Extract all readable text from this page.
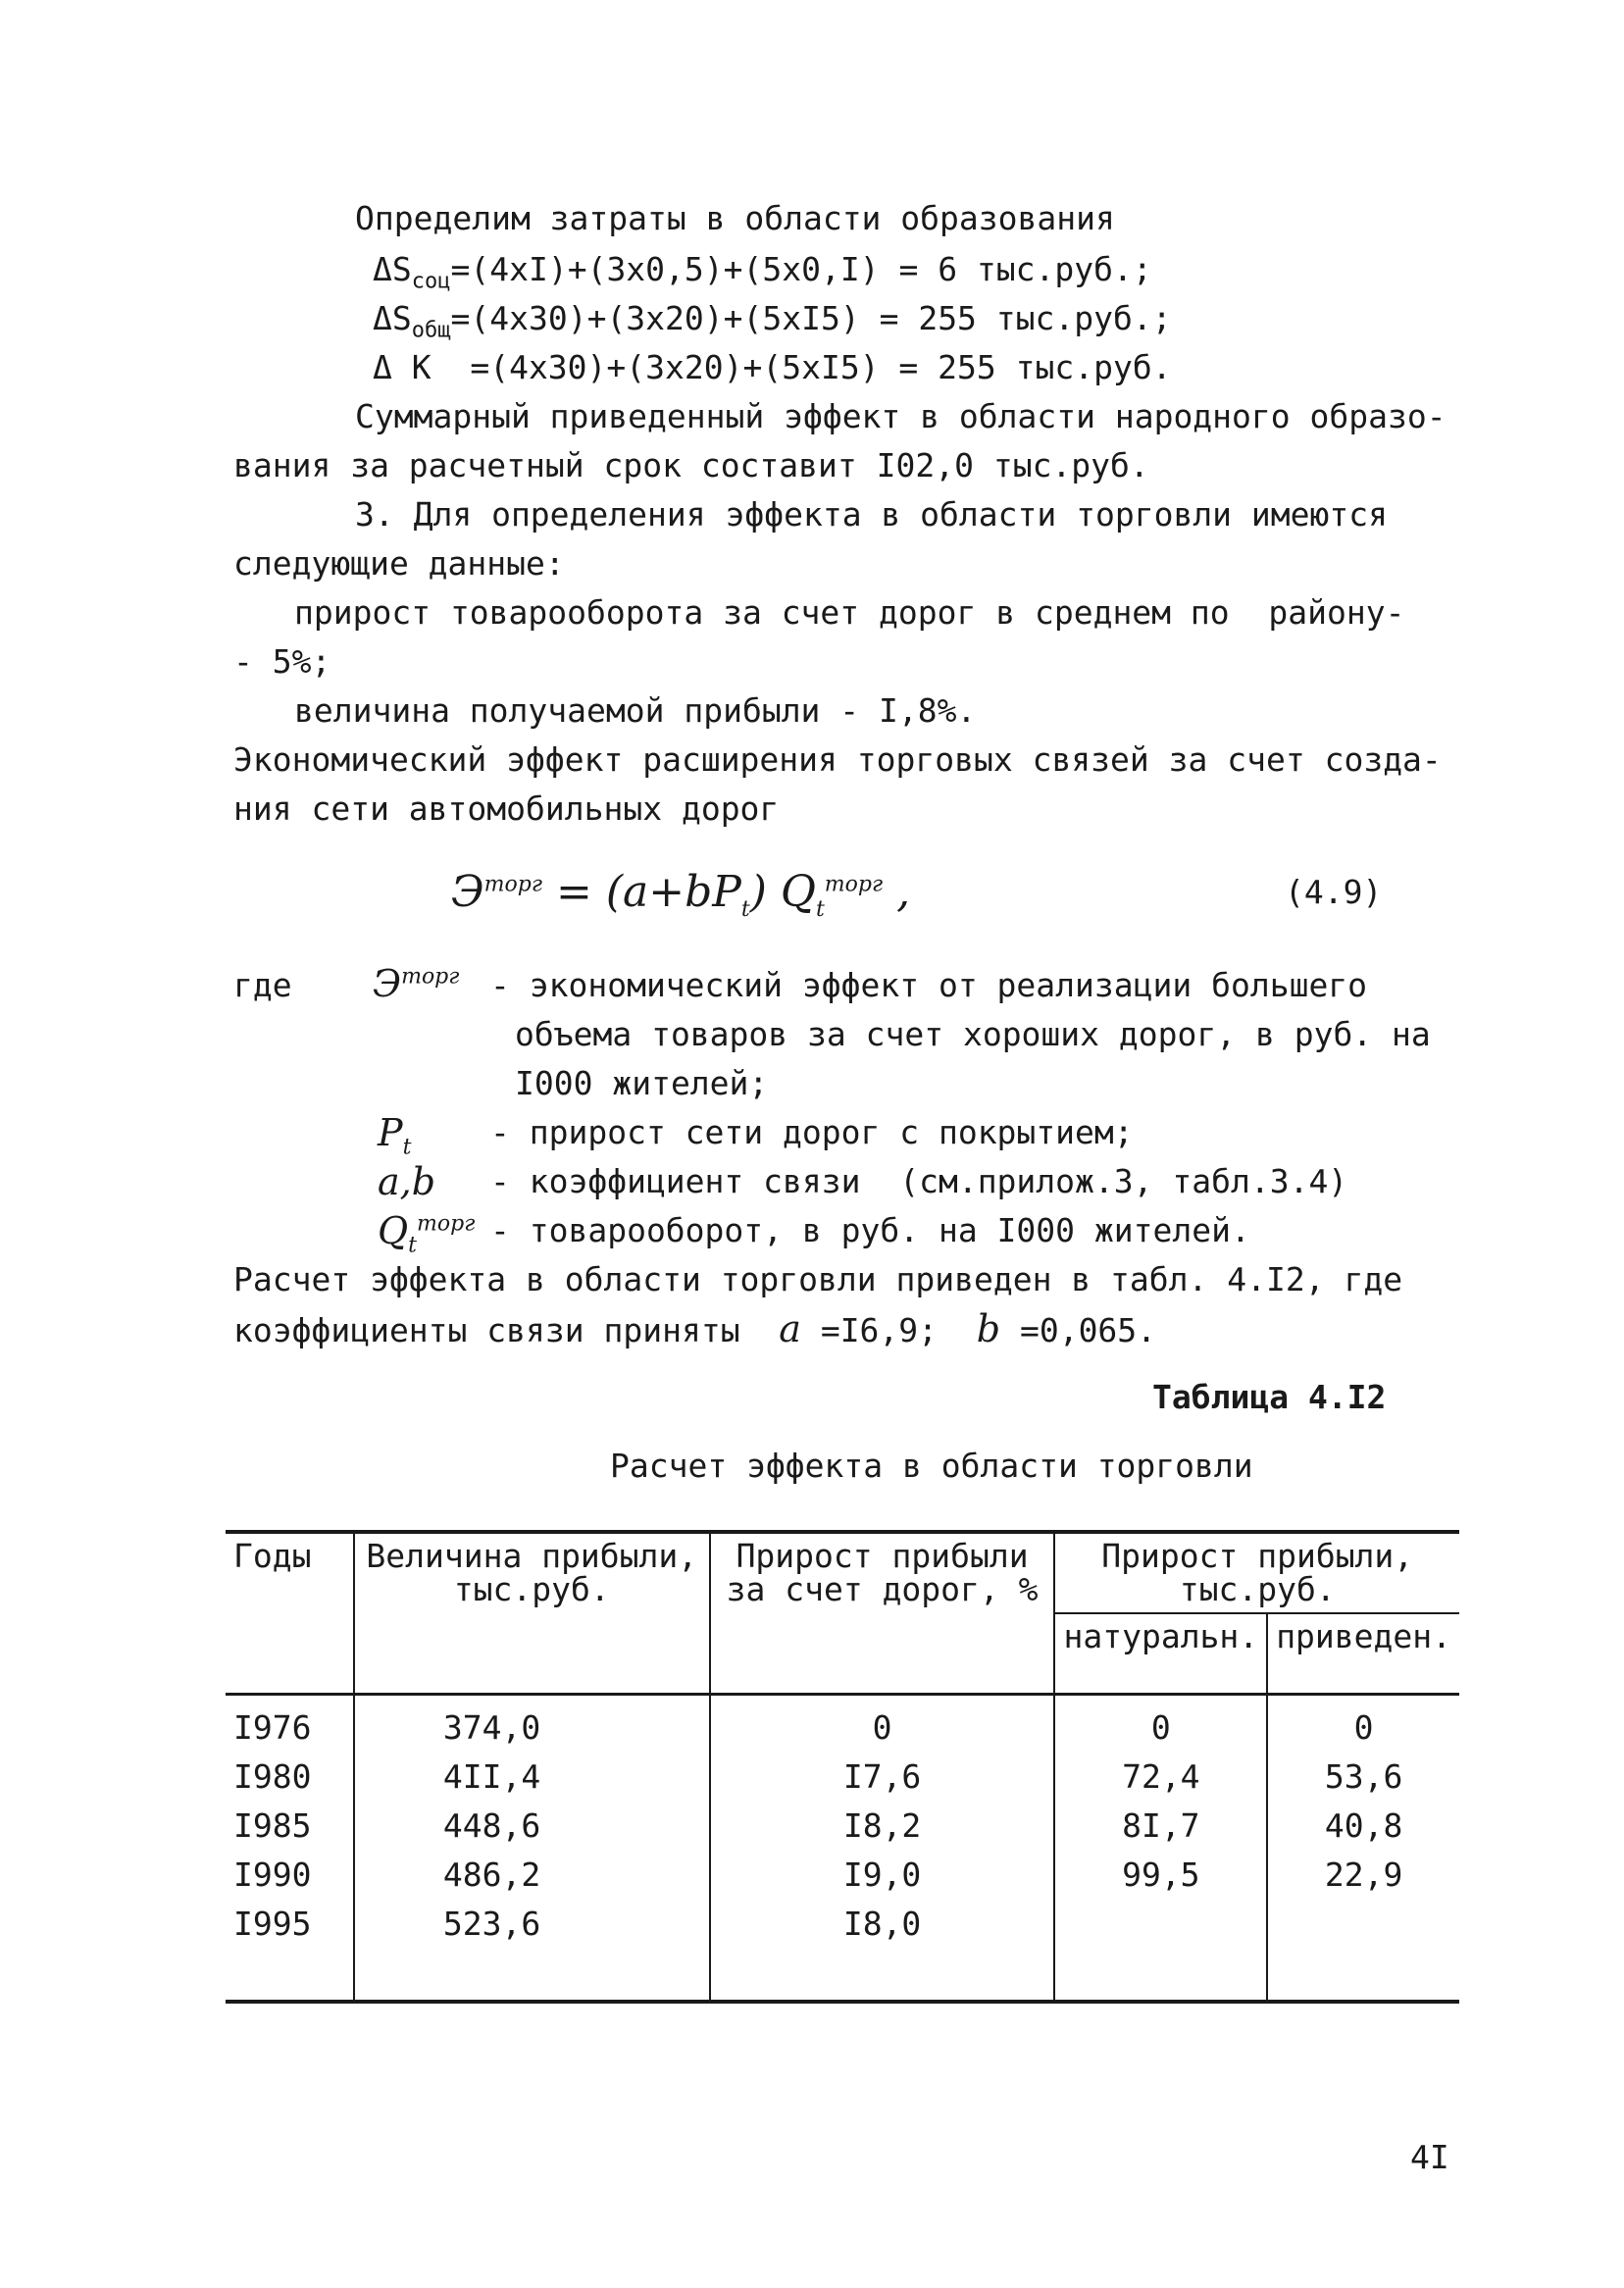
Определим затраты в области образования
$\Delta S_{соц}=(4xI)+(3x0,5)+(5x0,I) = 6$ тыс.руб.;
$\Delta S_{общ}=(4x30)+(3x20)+(5xI5) = 255$ тыс.руб.;
Δ K  =(4x30)+(3x20)+(5xI5) = 255 тыс.руб.
Суммарный приведенный эффект в области народного образо-
вания за расчетный срок составит I02,0 тыс.руб.
3. Для определения эффекта в области торговли имеются
следующие данные:
прирост товарооборота за счет дорог в среднем по  району-
- 5%;
величина получаемой прибыли - I,8%.
Экономический эффект расширения торговых связей за счет созда-
ния сети автомобильных дорог
$Э^{торг} = (a+bP_t)$ $Q_t^{торг}$ ,	(4.9)
где $Э^{торг}$ - экономический эффект от реализации большего
объема товаров за счет хороших дорог, в руб. на
I000 жителей;
$P_t$ - прирост сети дорог с покрытием;
a,b - коэффициент связи  (см.прилож.3, табл.3.4)
$Q_t^{торг}$ - товарооборот, в руб. на I000 жителей.
Расчет эффекта в области торговли приведен в табл. 4.I2, где
коэффициенты связи приняты  a =I6,9;  b =0,065.
Таблица 4.I2
Расчет эффекта в области торговли
Годы	Величина прибыли, тыс.руб.	Прирост прибыли за счет дорог, %	Прирост прибыли, тыс.руб.	
			натуральн.	приведен.
I976	374,0	0	0	0
I980	4II,4	I7,6	72,4	53,6
I985	448,6	I8,2	8I,7	40,8
I990	486,2	I9,0	99,5	22,9
I995	523,6	I8,0		
4I
